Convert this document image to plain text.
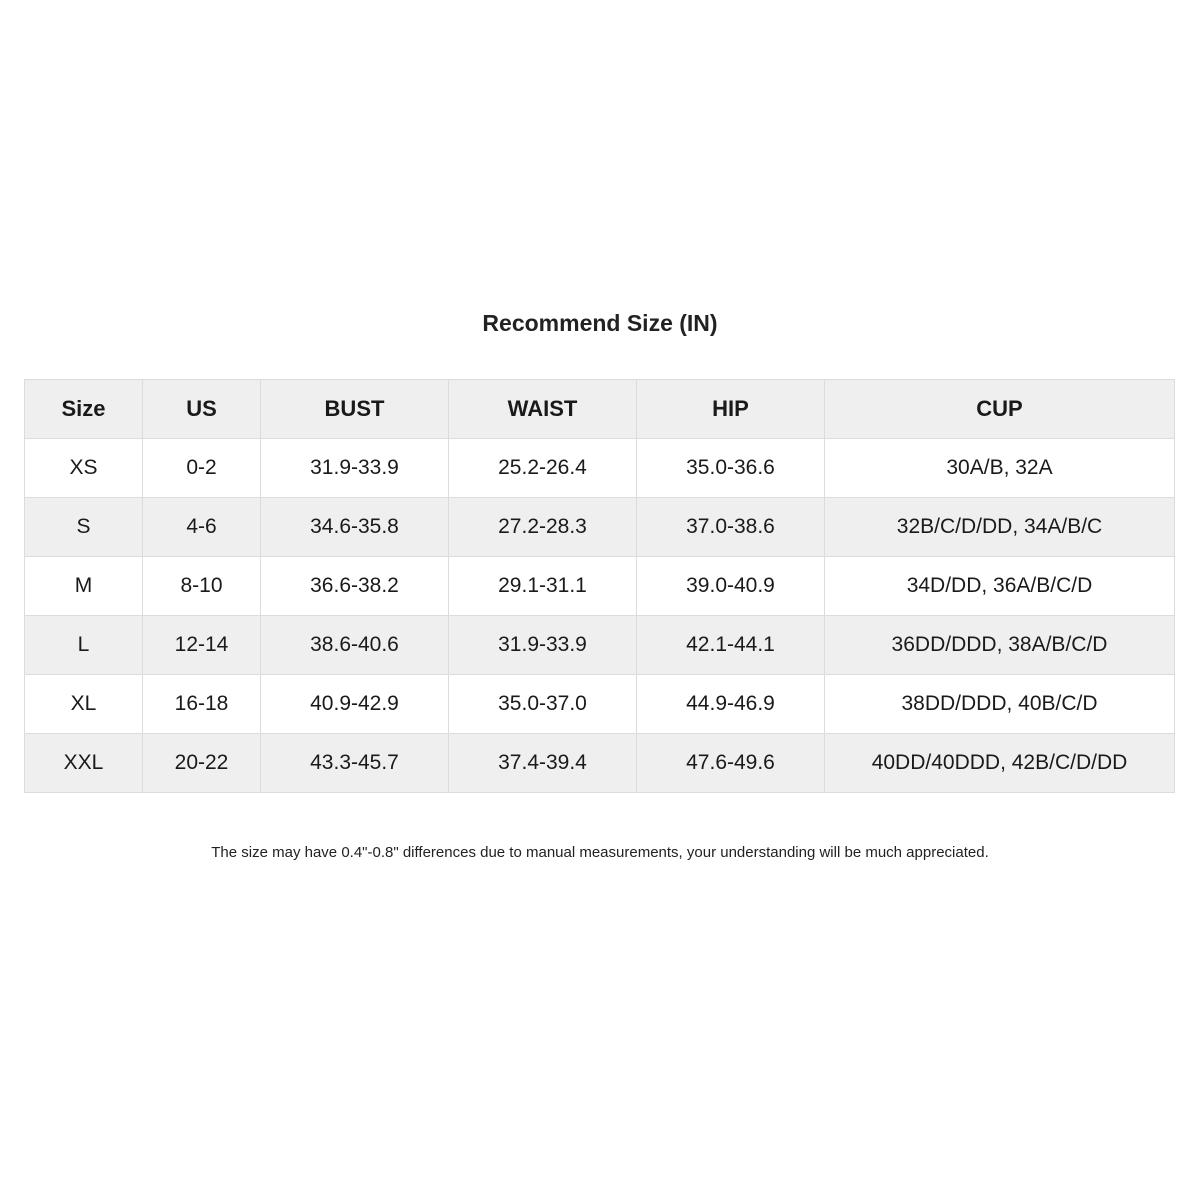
Recommend Size (IN)
Size	US	BUST	WAIST	HIP	CUP
XS	0-2	31.9-33.9	25.2-26.4	35.0-36.6	30A/B, 32A
S	4-6	34.6-35.8	27.2-28.3	37.0-38.6	32B/C/D/DD, 34A/B/C
M	8-10	36.6-38.2	29.1-31.1	39.0-40.9	34D/DD, 36A/B/C/D
L	12-14	38.6-40.6	31.9-33.9	42.1-44.1	36DD/DDD, 38A/B/C/D
XL	16-18	40.9-42.9	35.0-37.0	44.9-46.9	38DD/DDD, 40B/C/D
XXL	20-22	43.3-45.7	37.4-39.4	47.6-49.6	40DD/40DDD, 42B/C/D/DD
The size may have 0.4"-0.8" differences due to manual measurements, your understanding will be much appreciated.
